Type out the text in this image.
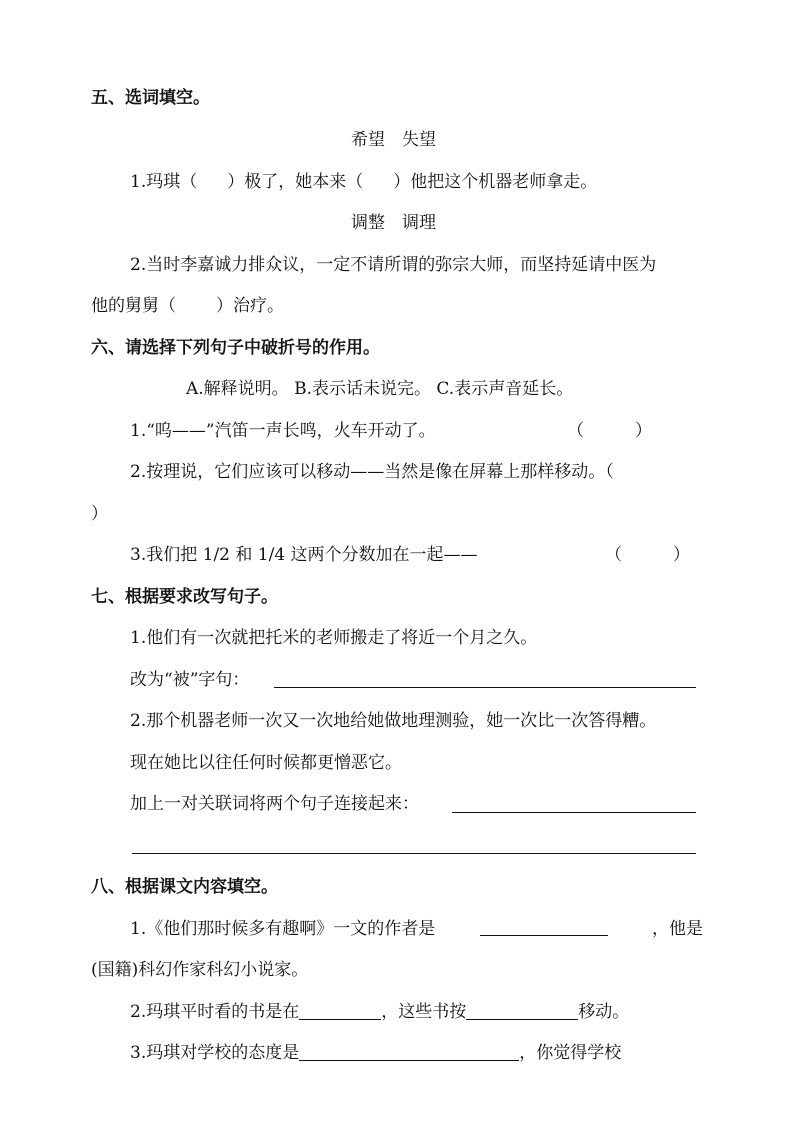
五、选词填空。
希望　失望
1.玛琪（ ）极了，她本来（ ）他把这个机器老师拿走。
调整　调理
2.当时李嘉诚力排众议，一定不请所谓的弥宗大师，而坚持延请中医为
他的舅舅（ ）治疗。
六、请选择下列句子中破折号的作用。
A.解释说明。 B.表示话未说完。 C.表示声音延长。
1.“呜——”汽笛一声长鸣，火车开动了。	（　　　）
2.按理说，它们应该可以移动——当然是像在屏幕上那样移动。（
）
3.我们把 1/2 和 1/4 这两个分数加在一起——	（　　　）
七、根据要求改写句子。
1.他们有一次就把托米的老师搬走了将近一个月之久。
改为“被”字句：
2.那个机器老师一次又一次地给她做地理测验，她一次比一次答得糟。
现在她比以往任何时候都更憎恶它。
加上一对关联词将两个句子连接起来：
八、根据课文内容填空。
1.《他们那时候多有趣啊》一文的作者是	，他是
(国籍)科幻作家科幻小说家。
2.玛琪平时看的书是在	，这些书按	移动。
3.玛琪对学校的态度是	，你觉得学校
